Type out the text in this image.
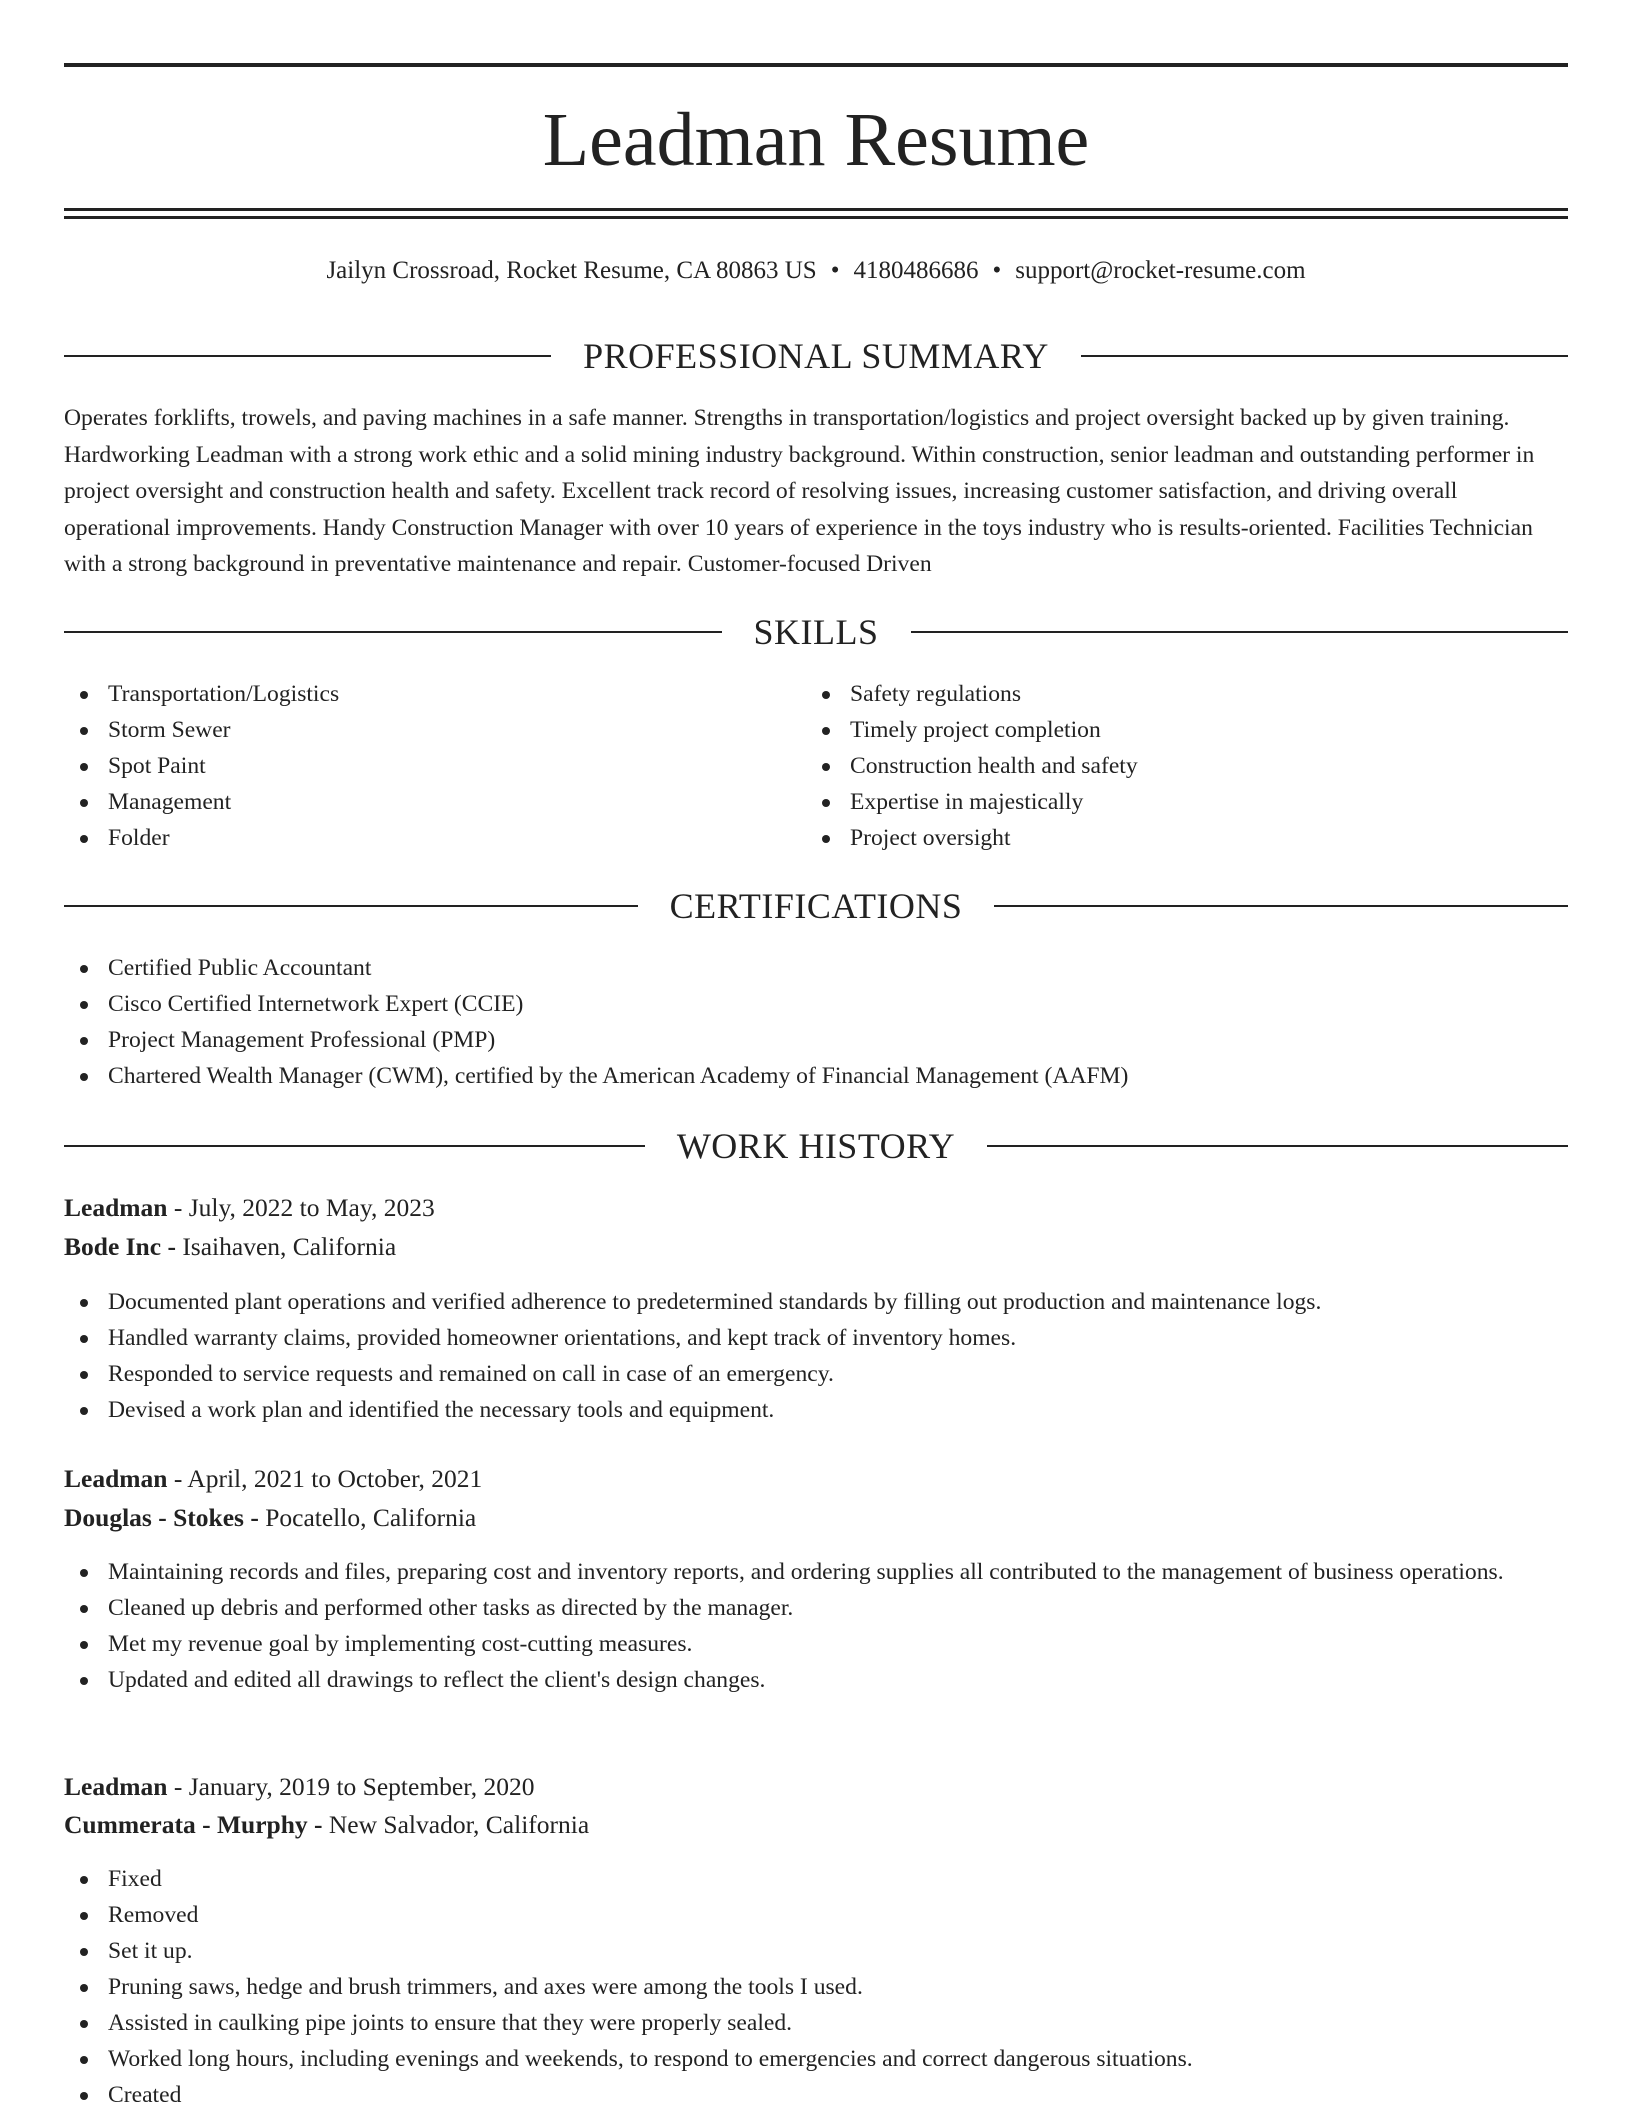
Leadman Resume
Jailyn Crossroad, Rocket Resume, CA 80863 US • 4180486686 • support@rocket-resume.com
PROFESSIONAL SUMMARY

Operates forklifts, trowels, and paving machines in a safe manner. Strengths in transportation/logistics and project oversight backed up by given training. Hardworking Leadman with a strong work ethic and a solid mining industry background. Within construction, senior leadman and outstanding performer in project oversight and construction health and safety. Excellent track record of resolving issues, increasing customer satisfaction, and driving overall operational improvements. Handy Construction Manager with over 10 years of experience in the toys industry who is results-oriented. Facilities Technician with a strong background in preventative maintenance and repair. Customer-focused Driven

SKILLS
Transportation/Logistics
Storm Sewer
Spot Paint
Management
Folder
Safety regulations
Timely project completion
Construction health and safety
Expertise in majestically
Project oversight
CERTIFICATIONS
Certified Public Accountant
Cisco Certified Internetwork Expert (CCIE)
Project Management Professional (PMP)
Chartered Wealth Manager (CWM), certified by the American Academy of Financial Management (AAFM)
WORK HISTORY
Leadman - July, 2022 to May, 2023
Bode Inc - Isaihaven, California
Documented plant operations and verified adherence to predetermined standards by filling out production and maintenance logs.
Handled warranty claims, provided homeowner orientations, and kept track of inventory homes.
Responded to service requests and remained on call in case of an emergency.
Devised a work plan and identified the necessary tools and equipment.
Leadman - April, 2021 to October, 2021
Douglas - Stokes - Pocatello, California
Maintaining records and files, preparing cost and inventory reports, and ordering supplies all contributed to the management of business operations.
Cleaned up debris and performed other tasks as directed by the manager.
Met my revenue goal by implementing cost-cutting measures.
Updated and edited all drawings to reflect the client's design changes.
Leadman - January, 2019 to September, 2020
Cummerata - Murphy - New Salvador, California
Fixed
Removed
Set it up.
Pruning saws, hedge and brush trimmers, and axes were among the tools I used.
Assisted in caulking pipe joints to ensure that they were properly sealed.
Worked long hours, including evenings and weekends, to respond to emergencies and correct dangerous situations.
Created
